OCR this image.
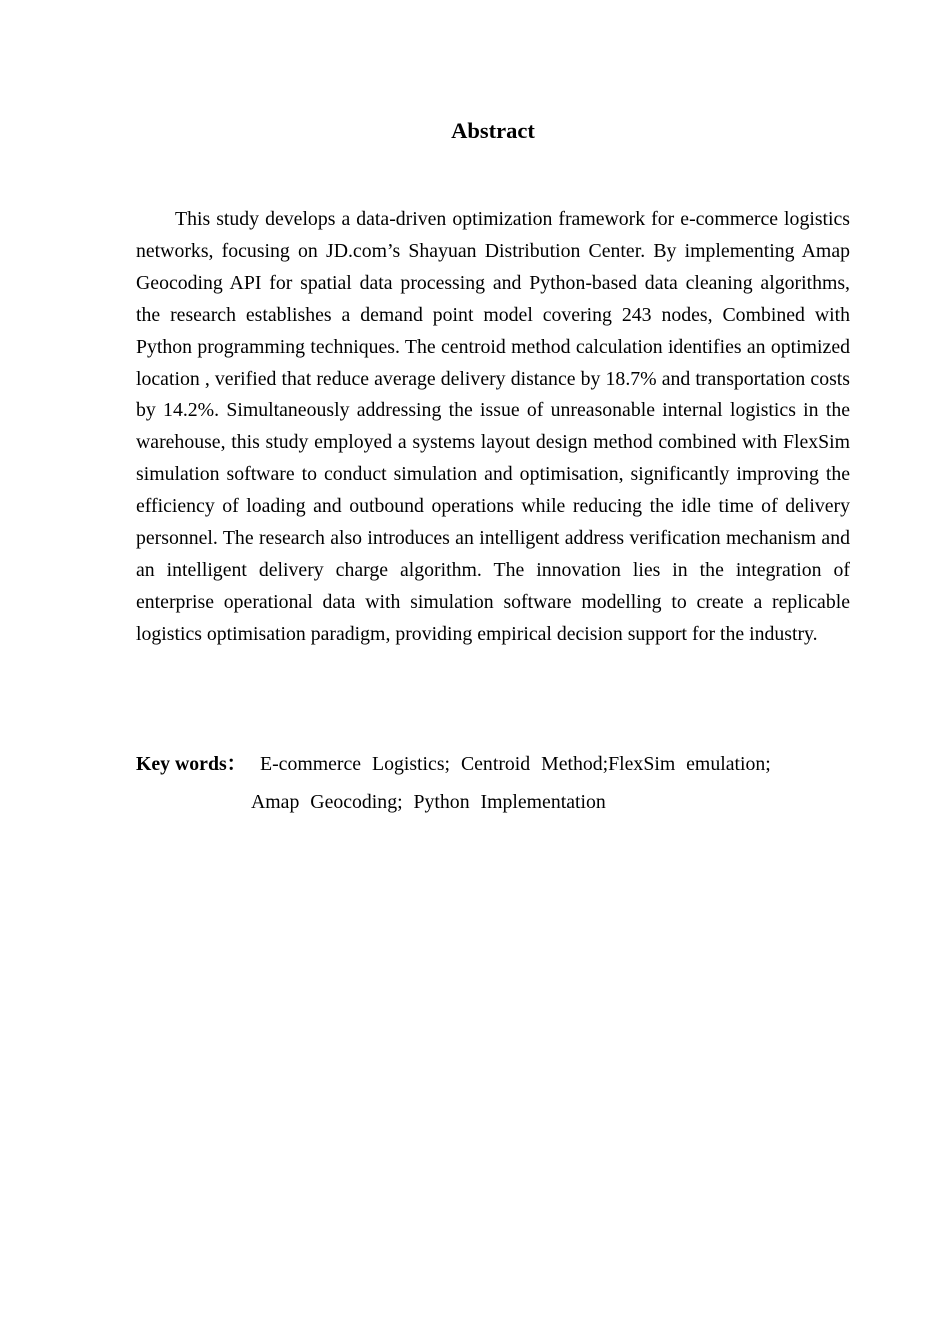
Abstract

This study develops a data-driven optimization framework for e-commerce logistics networks, focusing on JD.com’s Shayuan Distribution Center. By implementing Amap Geocoding API for spatial data processing and Python-based data cleaning algorithms, the research establishes a demand point model covering 243 nodes, Combined with Python programming techniques. The centroid method calculation identifies an optimized location , verified that reduce average delivery distance by 18.7% and transportation costs by 14.2%. Simultaneously addressing the issue of unreasonable internal logistics in the warehouse, this study employed a systems layout design method combined with FlexSim simulation software to conduct simulation and optimisation, significantly improving the efficiency of loading and outbound operations while reducing the idle time of delivery personnel. The research also introduces an intelligent address verification mechanism and an intelligent delivery charge algorithm. The innovation lies in the integration of enterprise operational data with simulation software modelling to create a replicable logistics optimisation paradigm, providing empirical decision support for the industry.

Key words： E-commerce Logistics; Centroid Method;FlexSim emulation;
Amap Geocoding; Python Implementation
